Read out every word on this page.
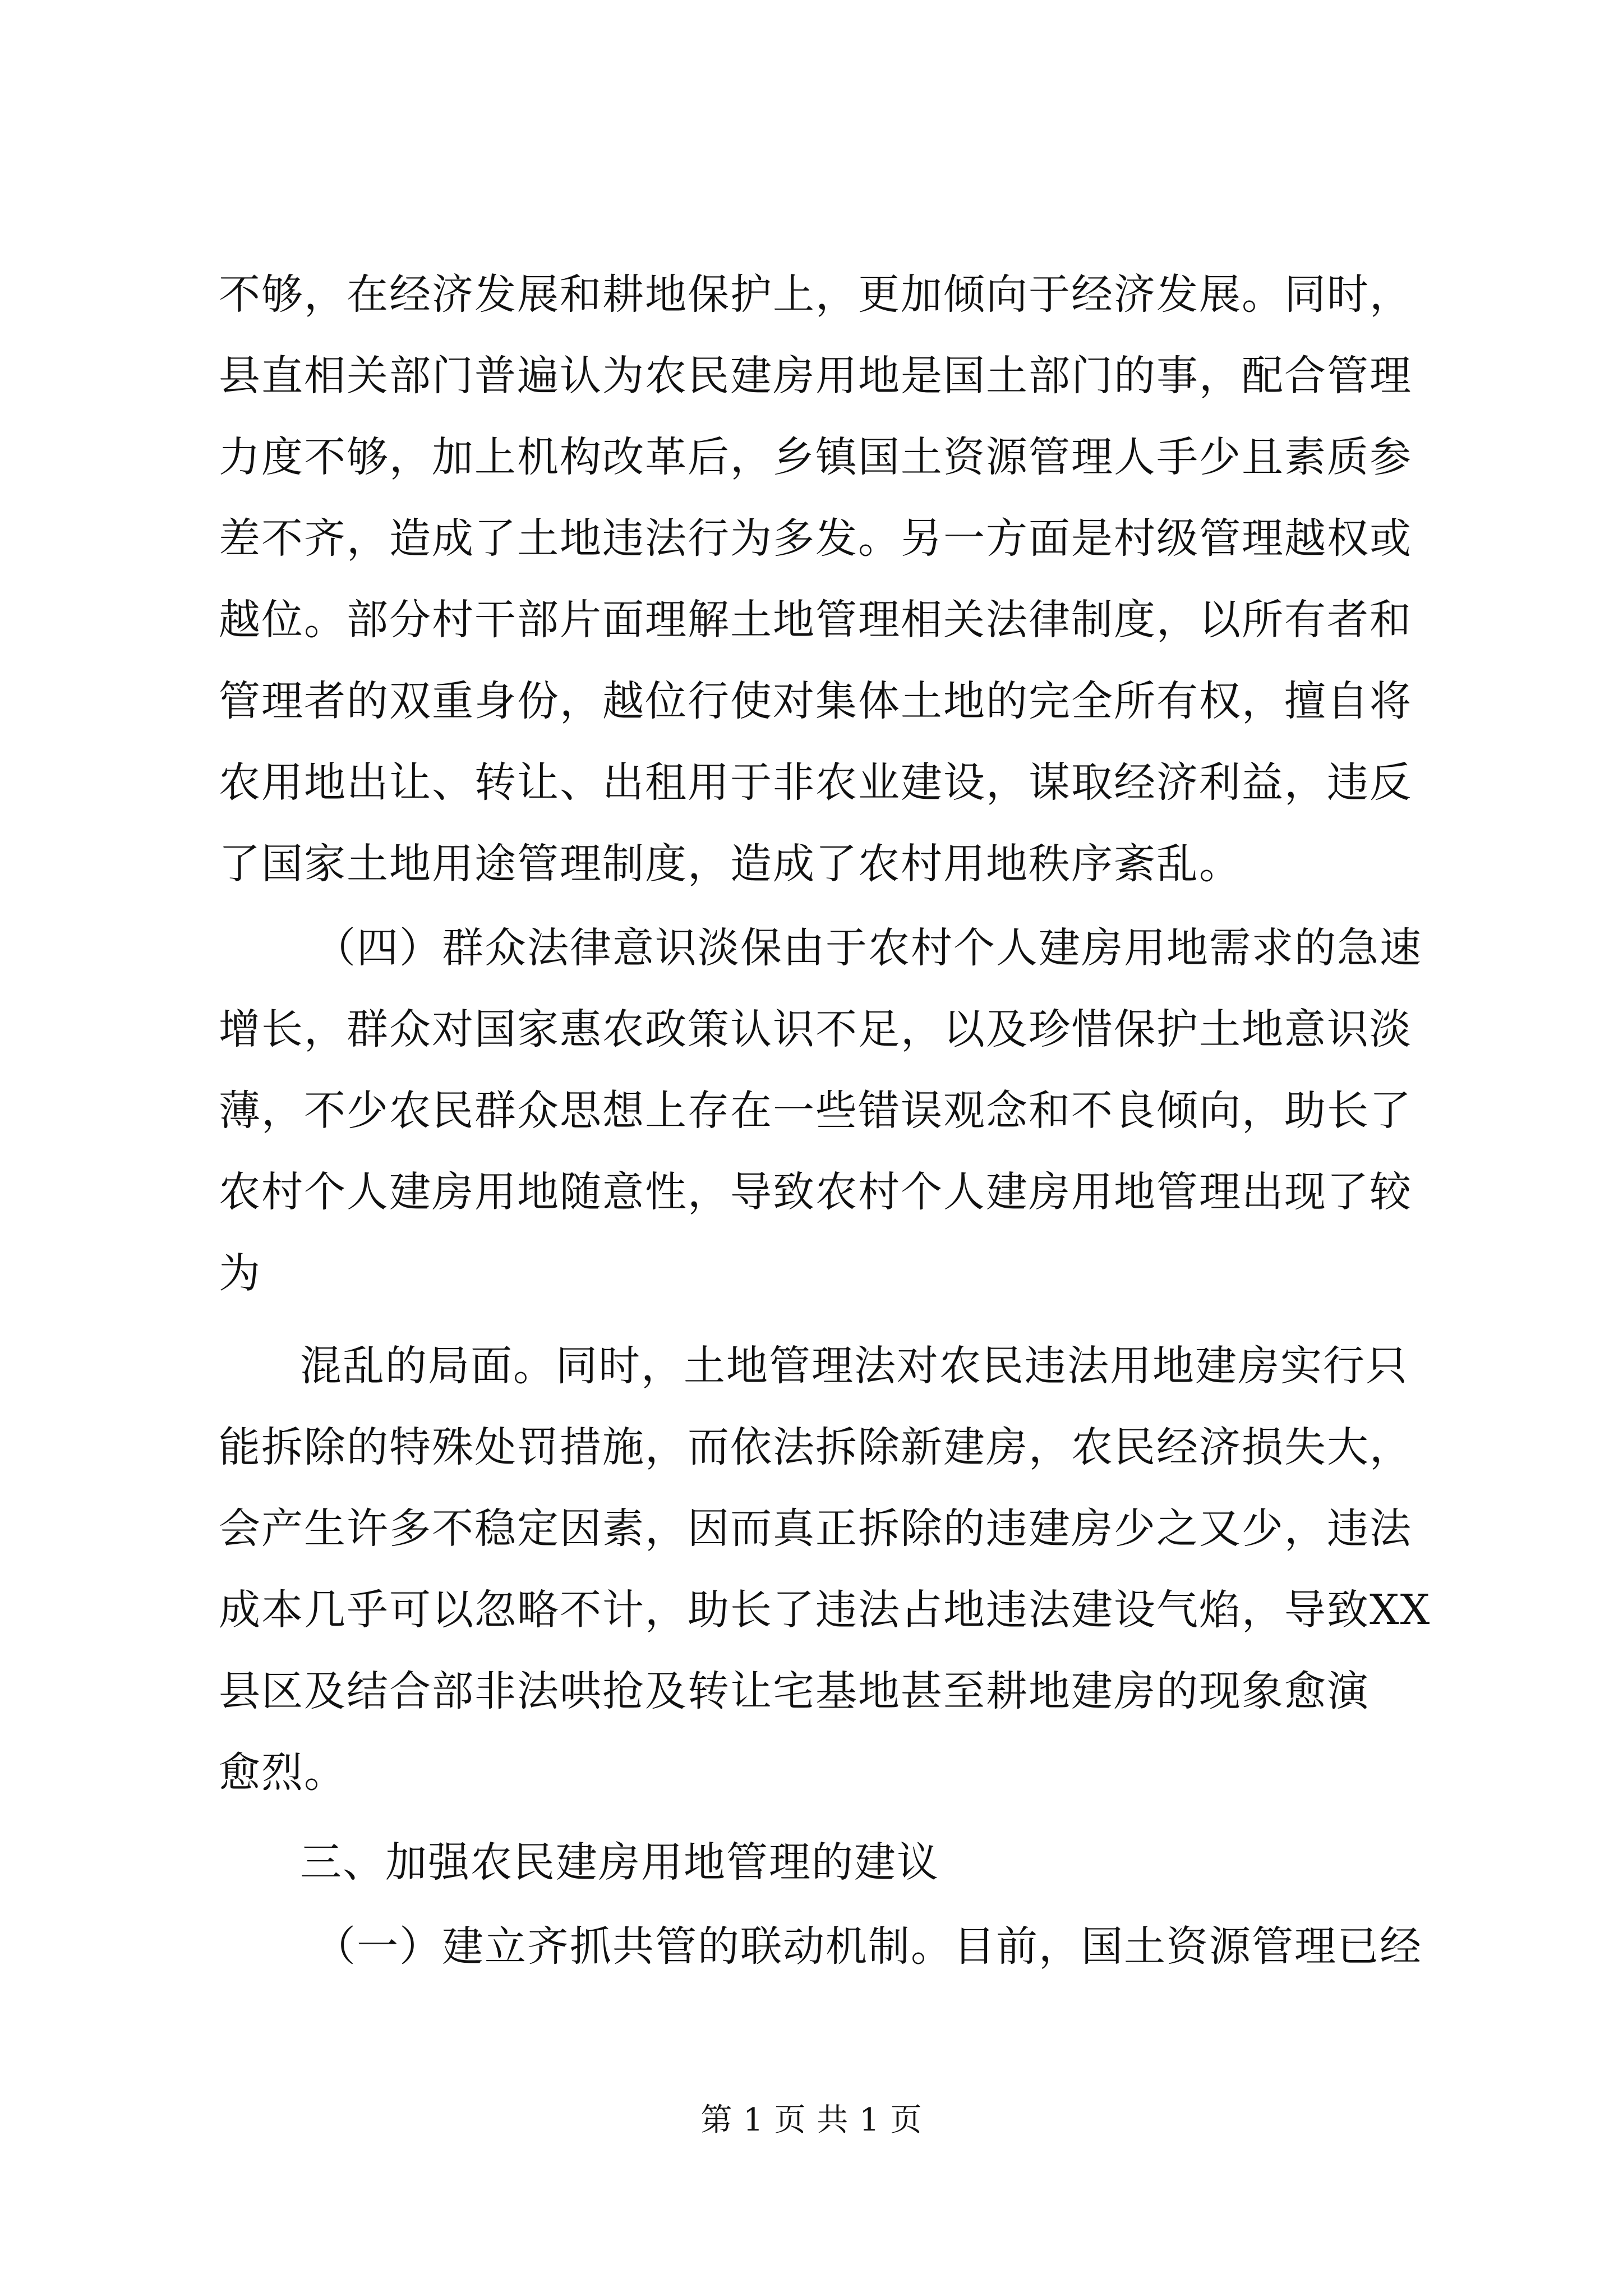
不够，在经济发展和耕地保护上，更加倾向于经济发展。同时，
县直相关部门普遍认为农民建房用地是国土部门的事，配合管理
力度不够，加上机构改革后，乡镇国土资源管理人手少且素质参
差不齐，造成了土地违法行为多发。另一方面是村级管理越权或
越位。部分村干部片面理解土地管理相关法律制度，以所有者和
管理者的双重身份，越位行使对集体土地的完全所有权，擅自将
农用地出让、转让、出租用于非农业建设，谋取经济利益，违反
了国家土地用途管理制度，造成了农村用地秩序紊乱。
（四）群众法律意识淡保由于农村个人建房用地需求的急速
增长，群众对国家惠农政策认识不足，以及珍惜保护土地意识淡
薄，不少农民群众思想上存在一些错误观念和不良倾向，助长了
农村个人建房用地随意性，导致农村个人建房用地管理出现了较
为
混乱的局面。同时，土地管理法对农民违法用地建房实行只
能拆除的特殊处罚措施，而依法拆除新建房，农民经济损失大，
会产生许多不稳定因素，因而真正拆除的违建房少之又少，违法
成本几乎可以忽略不计，助长了违法占地违法建设气焰，导致XX
县区及结合部非法哄抢及转让宅基地甚至耕地建房的现象愈演
愈烈。
三、加强农民建房用地管理的建议
（一）建立齐抓共管的联动机制。目前，国土资源管理已经
第 1 页 共 1 页
